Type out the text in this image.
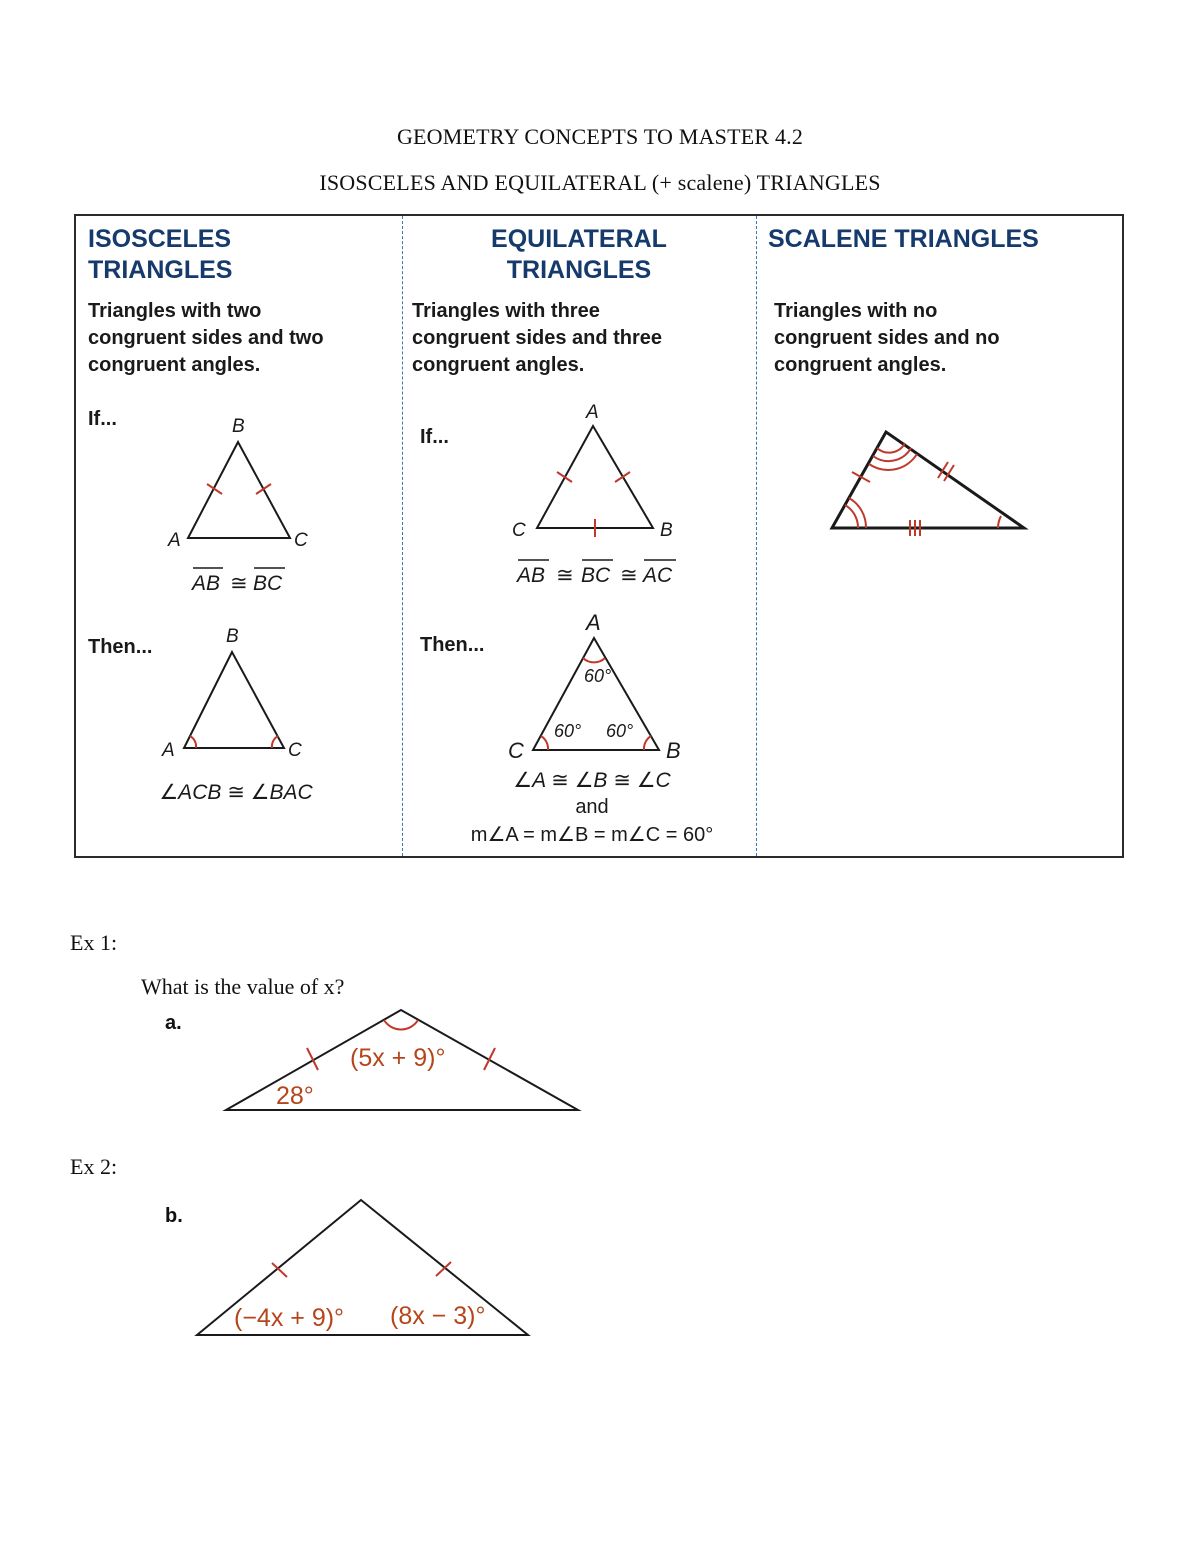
GEOMETRY CONCEPTS TO MASTER 4.2
ISOSCELES AND EQUILATERAL (+ scalene) TRIANGLES
ISOSCELES
TRIANGLES
Triangles with two
congruent sides and two
congruent angles.
If...	B
A	C
AB ≅ BC
B
A	C
Then...
∠ACB ≅ ∠BAC
EQUILATERAL
TRIANGLES
Triangles with three
congruent sides and three
congruent angles.
If...
Then...
A
C	B
AB ≅ BC ≅ AC
60°
60° 60°
A
C	B
∠A ≅ ∠B ≅ ∠C
and
m∠A = m∠B = m∠C = 60°
SCALENE TRIANGLES
Triangles with no
congruent sides and no
congruent angles.
Ex 1:
What is the value of x?
a.
(5x + 9)°
28°
(−4x + 9)° (8x − 3)°
Ex 2:
b.
